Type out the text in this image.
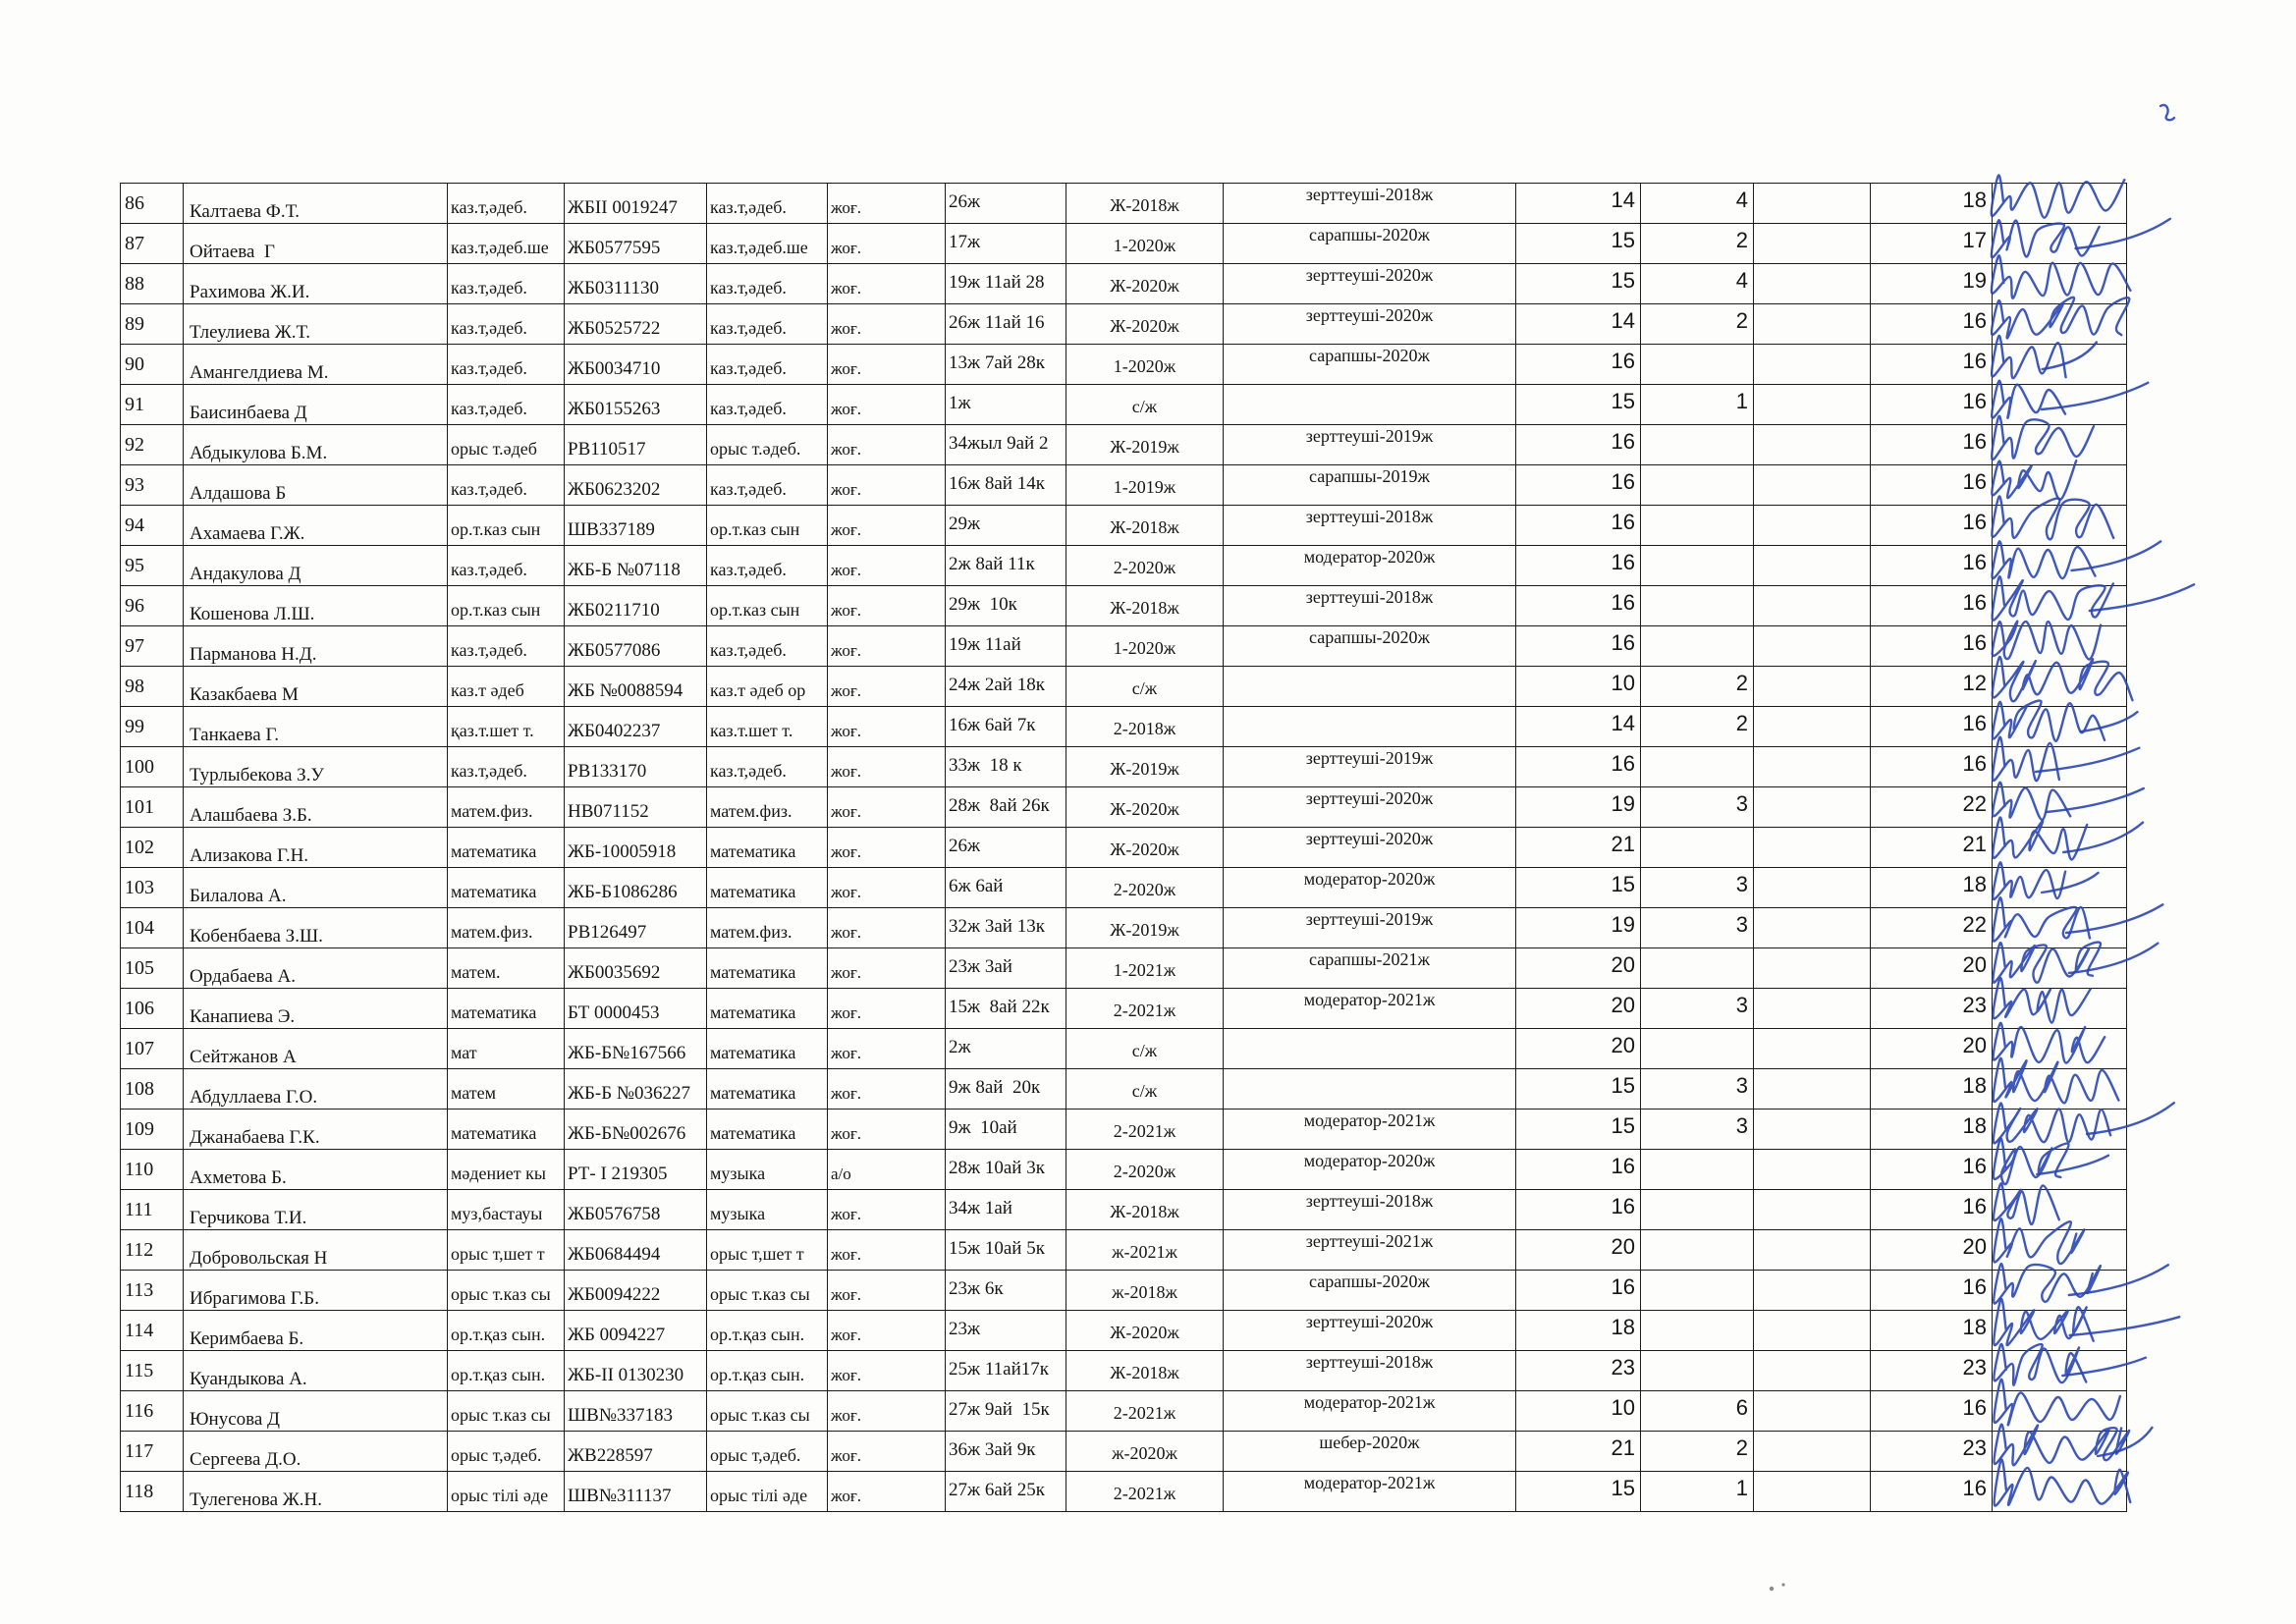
86	Калтаева Ф.Т.	каз.т,әдеб.	ЖБІІ 0019247	каз.т,әдеб.	жоғ.	26ж	Ж-2018ж	зерттеуші-2018ж	14	4		18	
87	Ойтаева  Г	каз.т,әдеб.ше	ЖБ0577595	каз.т,әдеб.ше	жоғ.	17ж	1-2020ж	сарапшы-2020ж	15	2		17	
88	Рахимова Ж.И.	каз.т,әдеб.	ЖБ0311130	каз.т,әдеб.	жоғ.	19ж 11ай 28	Ж-2020ж	зерттеуші-2020ж	15	4		19	
89	Тлеулиева Ж.Т.	каз.т,әдеб.	ЖБ0525722	каз.т,әдеб.	жоғ.	26ж 11ай 16	Ж-2020ж	зерттеуші-2020ж	14	2		16	
90	Амангелдиева М.	каз.т,әдеб.	ЖБ0034710	каз.т,әдеб.	жоғ.	13ж 7ай 28к	1-2020ж	сарапшы-2020ж	16			16	
91	Баисинбаева Д	каз.т,әдеб.	ЖБ0155263	каз.т,әдеб.	жоғ.	1ж	с/ж		15	1		16	
92	Абдыкулова Б.М.	орыс т.әдеб	РВ110517	орыс т.әдеб.	жоғ.	34жыл 9ай 2	Ж-2019ж	зерттеуші-2019ж	16			16	
93	Алдашова Б	каз.т,әдеб.	ЖБ0623202	каз.т,әдеб.	жоғ.	16ж 8ай 14к	1-2019ж	сарапшы-2019ж	16			16	
94	Ахамаева Г.Ж.	ор.т.каз сын	ШВ337189	ор.т.каз сын	жоғ.	29ж	Ж-2018ж	зерттеуші-2018ж	16			16	
95	Андакулова Д	каз.т,әдеб.	ЖБ-Б №07118	каз.т,әдеб.	жоғ.	2ж 8ай 11к	2-2020ж	модератор-2020ж	16			16	
96	Кошенова Л.Ш.	ор.т.каз сын	ЖБ0211710	ор.т.каз сын	жоғ.	29ж  10к	Ж-2018ж	зерттеуші-2018ж	16			16	
97	Парманова Н.Д.	каз.т,әдеб.	ЖБ0577086	каз.т,әдеб.	жоғ.	19ж 11ай	1-2020ж	сарапшы-2020ж	16			16	
98	Казакбаева М	каз.т әдеб	ЖБ №0088594	каз.т әдеб ор	жоғ.	24ж 2ай 18к	с/ж		10	2		12	
99	Танкаева Г.	қаз.т.шет т.	ЖБ0402237	каз.т.шет т.	жоғ.	16ж 6ай 7к	2-2018ж		14	2		16	
100	Турлыбекова З.У	каз.т,әдеб.	РВ133170	каз.т,әдеб.	жоғ.	33ж  18 к	Ж-2019ж	зерттеуші-2019ж	16			16	
101	Алашбаева З.Б.	матем.физ.	НВ071152	матем.физ.	жоғ.	28ж  8ай 26к	Ж-2020ж	зерттеуші-2020ж	19	3		22	
102	Ализакова Г.Н.	математика	ЖБ-10005918	математика	жоғ.	26ж	Ж-2020ж	зерттеуші-2020ж	21			21	
103	Билалова А.	математика	ЖБ-Б1086286	математика	жоғ.	6ж 6ай	2-2020ж	модератор-2020ж	15	3		18	
104	Кобенбаева З.Ш.	матем.физ.	РВ126497	матем.физ.	жоғ.	32ж 3ай 13к	Ж-2019ж	зерттеуші-2019ж	19	3		22	
105	Ордабаева А.	матем.	ЖБ0035692	математика	жоғ.	23ж 3ай	1-2021ж	сарапшы-2021ж	20			20	
106	Канапиева Э.	математика	БТ 0000453	математика	жоғ.	15ж  8ай 22к	2-2021ж	модератор-2021ж	20	3		23	
107	Сейтжанов А	мат	ЖБ-Б№167566	математика	жоғ.	2ж	с/ж		20			20	
108	Абдуллаева Г.О.	матем	ЖБ-Б №036227	математика	жоғ.	9ж 8ай  20к	с/ж		15	3		18	
109	Джанабаева Г.К.	математика	ЖБ-Б№002676	математика	жоғ.	9ж  10ай	2-2021ж	модератор-2021ж	15	3		18	
110	Ахметова Б.	мәдениет кы	РТ- I 219305	музыка	а/о	28ж 10ай 3к	2-2020ж	модератор-2020ж	16			16	
111	Герчикова Т.И.	муз,бастауы	ЖБ0576758	музыка	жоғ.	34ж 1ай	Ж-2018ж	зерттеуші-2018ж	16			16	
112	Добровольская Н	орыс т,шет т	ЖБ0684494	орыс т,шет т	жоғ.	15ж 10ай 5к	ж-2021ж	зерттеуші-2021ж	20			20	
113	Ибрагимова Г.Б.	орыс т.каз сы	ЖБ0094222	орыс т.каз сы	жоғ.	23ж 6к	ж-2018ж	сарапшы-2020ж	16			16	
114	Керимбаева Б.	ор.т.қаз сын.	ЖБ 0094227	ор.т.қаз сын.	жоғ.	23ж	Ж-2020ж	зерттеуші-2020ж	18			18	
115	Куандыкова А.	ор.т.қаз сын.	ЖБ-II 0130230	ор.т.қаз сын.	жоғ.	25ж 11ай17к	Ж-2018ж	зерттеуші-2018ж	23			23	
116	Юнусова Д	орыс т.каз сы	ШВ№337183	орыс т.каз сы	жоғ.	27ж 9ай  15к	2-2021ж	модератор-2021ж	10	6		16	
117	Сергеева Д.О.	орыс т,әдеб.	ЖВ228597	орыс т,әдеб.	жоғ.	36ж 3ай 9к	ж-2020ж	шебер-2020ж	21	2		23	
118	Тулегенова Ж.Н.	орыс тілі әде	ШВ№311137	орыс тілі әде	жоғ.	27ж 6ай 25к	2-2021ж	модератор-2021ж	15	1		16	
